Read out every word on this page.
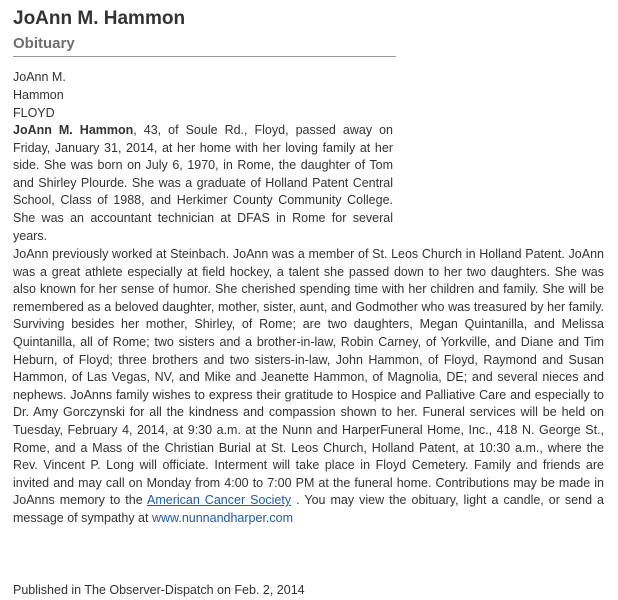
JoAnn M. Hammon
Obituary
JoAnn M.
Hammon
FLOYD
JoAnn M. Hammon, 43, of Soule Rd., Floyd, passed away on Friday, January 31, 2014, at her home with her loving family at her side. She was born on July 6, 1970, in Rome, the daughter of Tom and Shirley Plourde. She was a graduate of Holland Patent Central School, Class of 1988, and Herkimer County Community College. She was an accountant technician at DFAS in Rome for several years.
JoAnn previously worked at Steinbach. JoAnn was a member of St. Leos Church in Holland Patent. JoAnn was a great athlete especially at field hockey, a talent she passed down to her two daughters. She was also known for her sense of humor. She cherished spending time with her children and family. She will be remembered as a beloved daughter, mother, sister, aunt, and Godmother who was treasured by her family. Surviving besides her mother, Shirley, of Rome; are two daughters, Megan Quintanilla, and Melissa Quintanilla, all of Rome; two sisters and a brother-in-law, Robin Carney, of Yorkville, and Diane and Tim Heburn, of Floyd; three brothers and two sisters-in-law, John Hammon, of Floyd, Raymond and Susan Hammon, of Las Vegas, NV, and Mike and Jeanette Hammon, of Magnolia, DE; and several nieces and nephews. JoAnns family wishes to express their gratitude to Hospice and Palliative Care and especially to Dr. Amy Gorczynski for all the kindness and compassion shown to her. Funeral services will be held on Tuesday, February 4, 2014, at 9:30 a.m. at the Nunn and HarperFuneral Home, Inc., 418 N. George St., Rome, and a Mass of the Christian Burial at St. Leos Church, Holland Patent, at 10:30 a.m., where the Rev. Vincent P. Long will officiate. Interment will take place in Floyd Cemetery. Family and friends are invited and may call on Monday from 4:00 to 7:00 PM at the funeral home. Contributions may be made in JoAnns memory to the American Cancer Society . You may view the obituary, light a candle, or send a message of sympathy at www.nunnandharper.com
Published in The Observer-Dispatch on Feb. 2, 2014
